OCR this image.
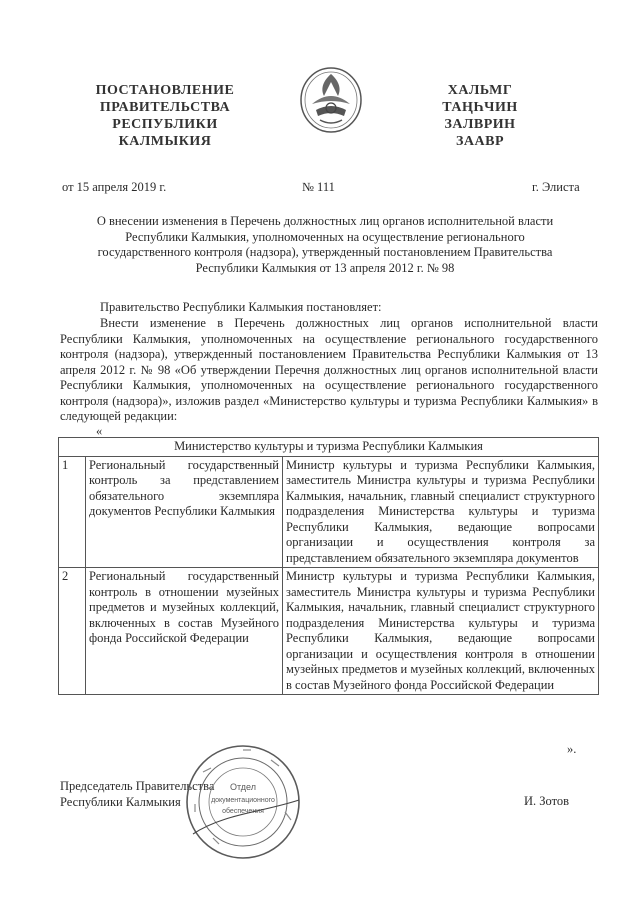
ПОСТАНОВЛЕНИЕ
ПРАВИТЕЛЬСТВА
РЕСПУБЛИКИ
КАЛМЫКИЯ
ХАЛЬМГ
ТАҢҺЧИН
ЗАЛВРИН
ЗААВР
от 15 апреля 2019 г.	№ 111	г. Элиста
О внесении изменения в Перечень должностных лиц органов исполнительной власти
Республики Калмыкия, уполномоченных на осуществление регионального
государственного контроля (надзора), утвержденный постановлением Правительства
Республики Калмыкия от 13 апреля 2012 г. № 98
Правительство Республики Калмыкия постановляет:
Внести изменение в Перечень должностных лиц органов исполнительной власти Республики Калмыкия, уполномоченных на осуществление регионального государственного контроля (надзора), утвержденный постановлением Правительства Республики Калмыкия от 13 апреля 2012 г. № 98 «Об утверждении Перечня должностных лиц органов исполнительной власти Республики Калмыкия, уполномоченных на осуществление регионального государственного контроля (надзора)», изложив раздел «Министерство культуры и туризма Республики Калмыкия» в следующей редакции:
«
Министерство культуры и туризма Республики Калмыкия		
1	Региональный государственный контроль за представлением обязательного экземпляра документов Республики Калмыкия	Министр культуры и туризма Республики Калмыкия, заместитель Министра культуры и туризма Республики Калмыкия, начальник, главный специалист структурного подразделения Министерства культуры и туризма Республики Калмыкия, ведающие вопросами организации и осуществления контроля за представлением обязательного экземпляра документов
2	Региональный государственный контроль в отношении музейных предметов и музейных коллекций, включенных в состав Музейного фонда Российской Федерации	Министр культуры и туризма Республики Калмыкия, заместитель Министра культуры и туризма Республики Калмыкия, начальник, главный специалист структурного подразделения Министерства культуры и туризма Республики Калмыкия, ведающие вопросами организации и осуществления контроля в отношении музейных предметов и музейных коллекций, включенных в состав Музейного фонда Российской Федерации
».
Председатель Правительства
Республики Калмыкия	И. Зотов
Отдел
документационного
обеспечения
